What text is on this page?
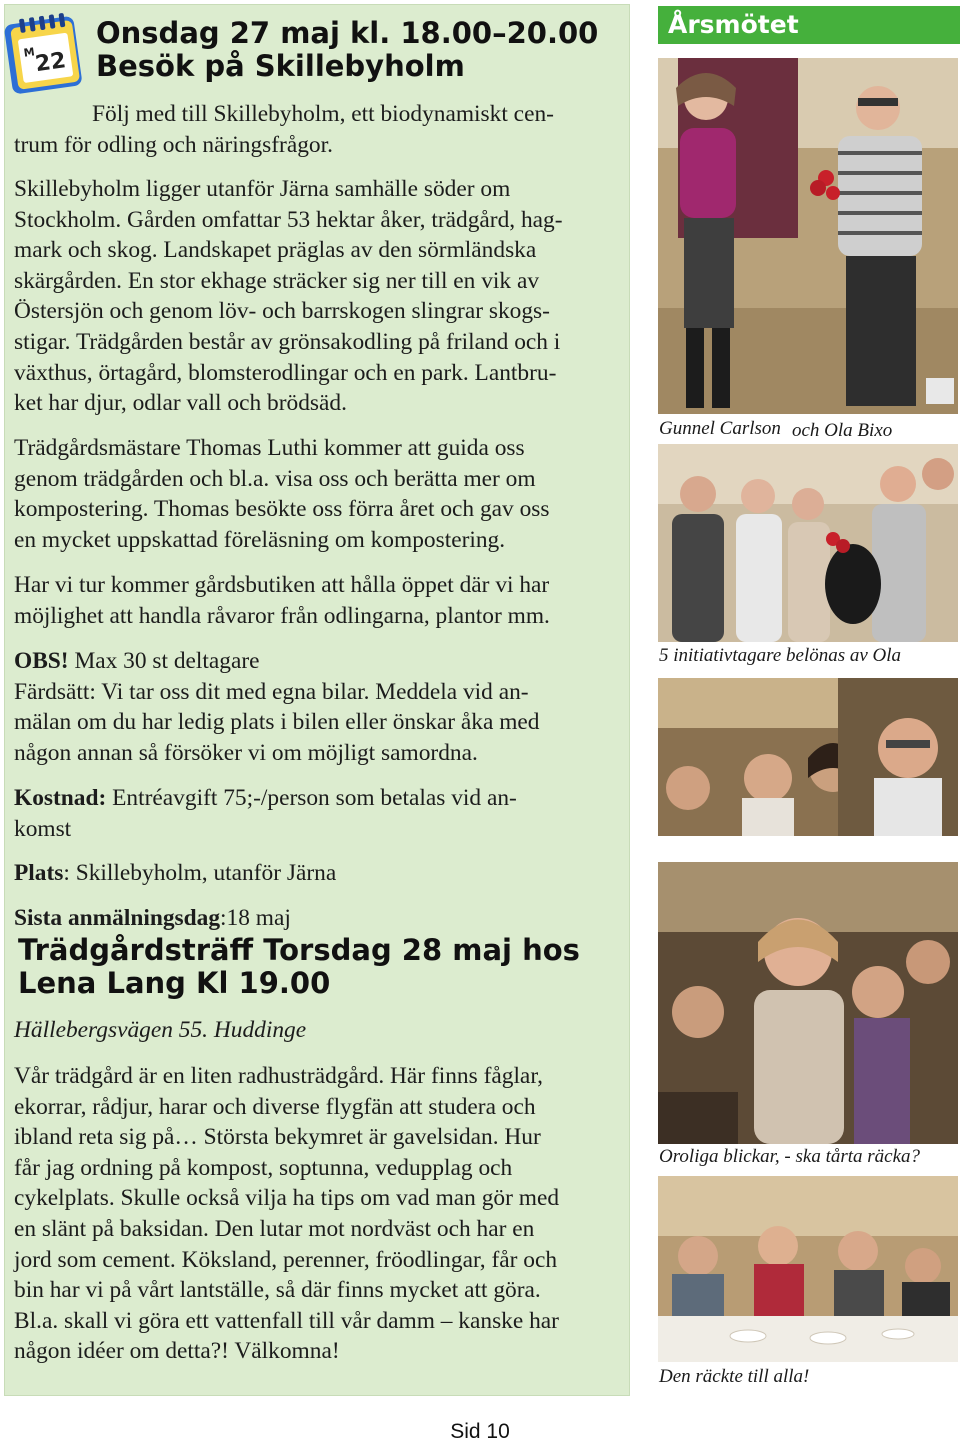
M
22
Onsdag 27 maj kl. 18.00–20.00
Besök på Skillebyholm
Följ med till Skillebyholm, ett biodynamiskt cen-
trum för odling och näringsfrågor.
Skillebyholm ligger utanför Järna samhälle söder om
Stockholm. Gården omfattar 53 hektar åker, trädgård, hag-
mark och skog. Landskapet präglas av den sörmländska
skärgården. En stor ekhage sträcker sig ner till en vik av
Östersjön och genom löv- och barrskogen slingrar skogs-
stigar. Trädgården består av grönsakodling på friland och i
växthus, örtagård, blomsterodlingar och en park. Lantbru-
ket har djur, odlar vall och brödsäd.
Trädgårdsmästare Thomas Luthi kommer att guida oss
genom trädgården och bl.a. visa oss och berätta mer om
kompostering. Thomas besökte oss förra året och gav oss
en mycket uppskattad föreläsning om kompostering.
Har vi tur kommer gårdsbutiken att hålla öppet där vi har
möjlighet att handla råvaror från odlingarna, plantor mm.
OBS! Max 30 st deltagare
Färdsätt: Vi tar oss dit med egna bilar. Meddela vid an-
mälan om du har ledig plats i bilen eller önskar åka med
någon annan så försöker vi om möjligt samordna.
Kostnad: Entréavgift 75;-/person som betalas vid an-
komst
Plats: Skillebyholm, utanför Järna
Sista anmälningsdag:18 maj
Trädgårdsträff Torsdag 28 maj hos
Lena Lang Kl 19.00
Hällebergsvägen 55. Huddinge
Vår trädgård är en liten radhusträdgård. Här finns fåglar,
ekorrar, rådjur, harar och diverse flygfän att studera och
ibland reta sig på… Största bekymret är gavelsidan. Hur
får jag ordning på kompost, soptunna, vedupplag och
cykelplats. Skulle också vilja ha tips om vad man gör med
en slänt på baksidan. Den lutar mot nordväst och har en
jord som cement. Köksland, perenner, fröodlingar, får och
bin har vi på vårt lantställe, så där finns mycket att göra.
Bl.a. skall vi göra ett vattenfall till vår damm – kanske har
någon idéer om detta?! Välkomna!
Årsmötet
Gunnel Carlson och Ola Bixo
5 initiativtagare belönas av Ola
Oroliga blickar, - ska tårta räcka?
Den räckte till alla!
Sid 10
